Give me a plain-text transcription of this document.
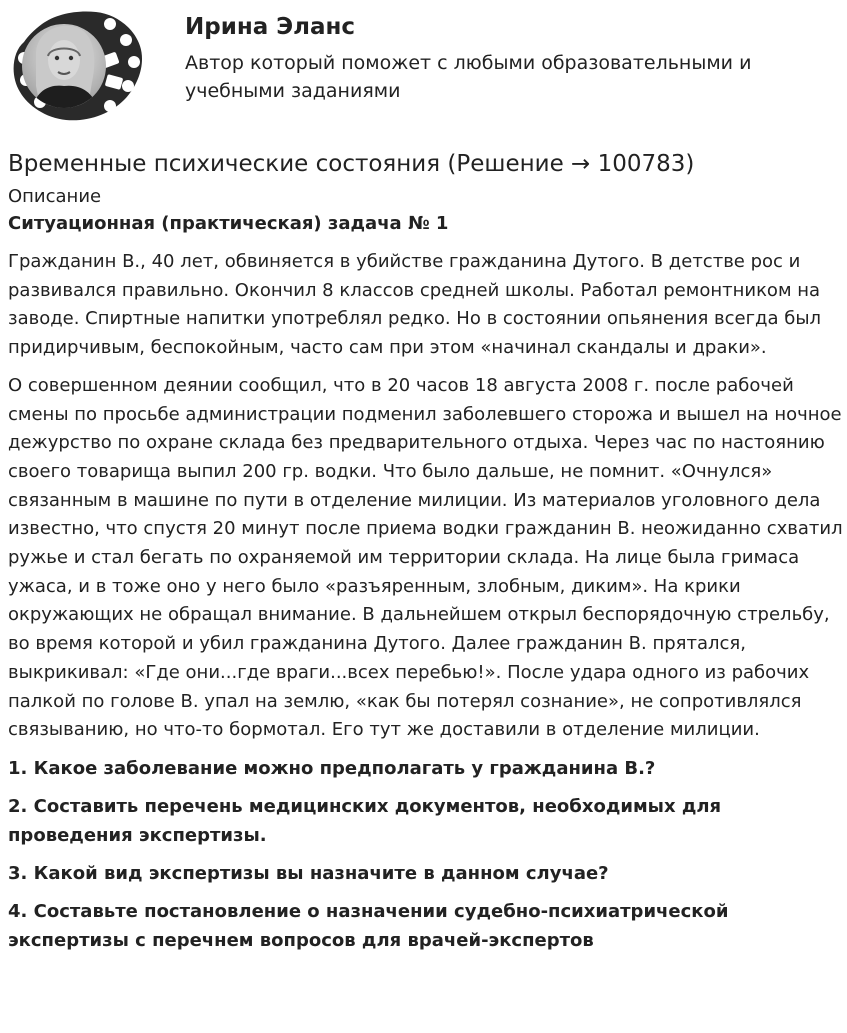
Ирина Эланс

Автор который поможет с любыми образовательными и учебными заданиями

Временные психические состояния (Решение → 100783)

Описание

Ситуационная (практическая) задача № 1

Гражданин В., 40 лет, обвиняется в убийстве гражданина Дутого. В детстве рос и развивался правильно. Окончил 8 классов средней школы. Работал ремонтником на заводе. Спиртные напитки употреблял редко. Но в состоянии опьянения всегда был придирчивым, беспокойным, часто сам при этом «начинал скандалы и драки».

О совершенном деянии сообщил, что в 20 часов 18 августа 2008 г. после рабочей смены по просьбе администрации подменил заболевшего сторожа и вышел на ночное дежурство по охране склада без предварительного отдыха. Через час по настоянию своего товарища выпил 200 гр. водки. Что было дальше, не помнит. «Очнулся» связанным в машине по пути в отделение милиции. Из материалов уголовного дела известно, что спустя 20 минут после приема водки гражданин В. неожиданно схватил ружье и стал бегать по охраняемой им территории склада. На лице была гримаса ужаса, и в тоже оно у него было «разъяренным, злобным, диким». На крики окружающих не обращал внимание. В дальнейшем открыл беспорядочную стрельбу, во время которой и убил гражданина Дутого. Далее гражданин В. прятался, выкрикивал: «Где они...где враги...всех перебью!». После удара одного из рабочих палкой по голове В. упал на землю, «как бы потерял сознание», не сопротивлялся связыванию, но что-то бормотал. Его тут же доставили в отделение милиции.

1. Какое заболевание можно предполагать у гражданина В.?

2. Составить перечень медицинских документов, необходимых для проведения экспертизы.

3. Какой вид экспертизы вы назначите в данном случае?

4. Составьте постановление о назначении судебно-психиатрической экспертизы с перечнем вопросов для врачей-экспертов
